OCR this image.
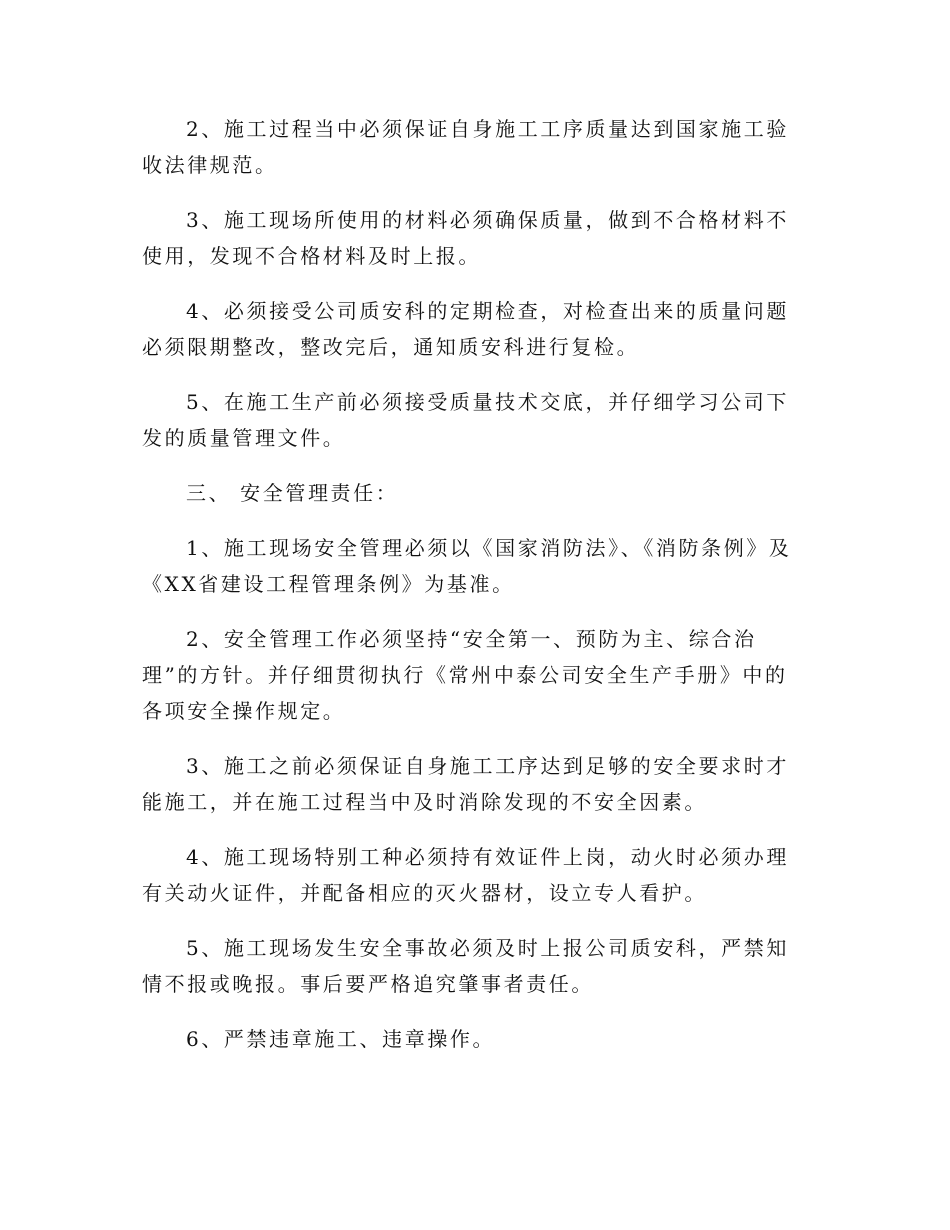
2、施工过程当中必须保证自身施工工序质量达到国家施工验收法律规范。

3、施工现场所使用的材料必须确保质量，做到不合格材料不使用，发现不合格材料及时上报。

4、必须接受公司质安科的定期检查，对检查出来的质量问题必须限期整改，整改完后，通知质安科进行复检。

5、在施工生产前必须接受质量技术交底，并仔细学习公司下发的质量管理文件。

三、 安全管理责任：

1、施工现场安全管理必须以《国家消防法》、《消防条例》及《XX省建设工程管理条例》为基准。

2、安全管理工作必须坚持“安全第一、预防为主、综合治理”的方针。并仔细贯彻执行《常州中泰公司安全生产手册》中的各项安全操作规定。

3、施工之前必须保证自身施工工序达到足够的安全要求时才能施工，并在施工过程当中及时消除发现的不安全因素。

4、施工现场特别工种必须持有效证件上岗，动火时必须办理有关动火证件，并配备相应的灭火器材，设立专人看护。

5、施工现场发生安全事故必须及时上报公司质安科，严禁知情不报或晚报。事后要严格追究肇事者责任。

6、严禁违章施工、违章操作。
